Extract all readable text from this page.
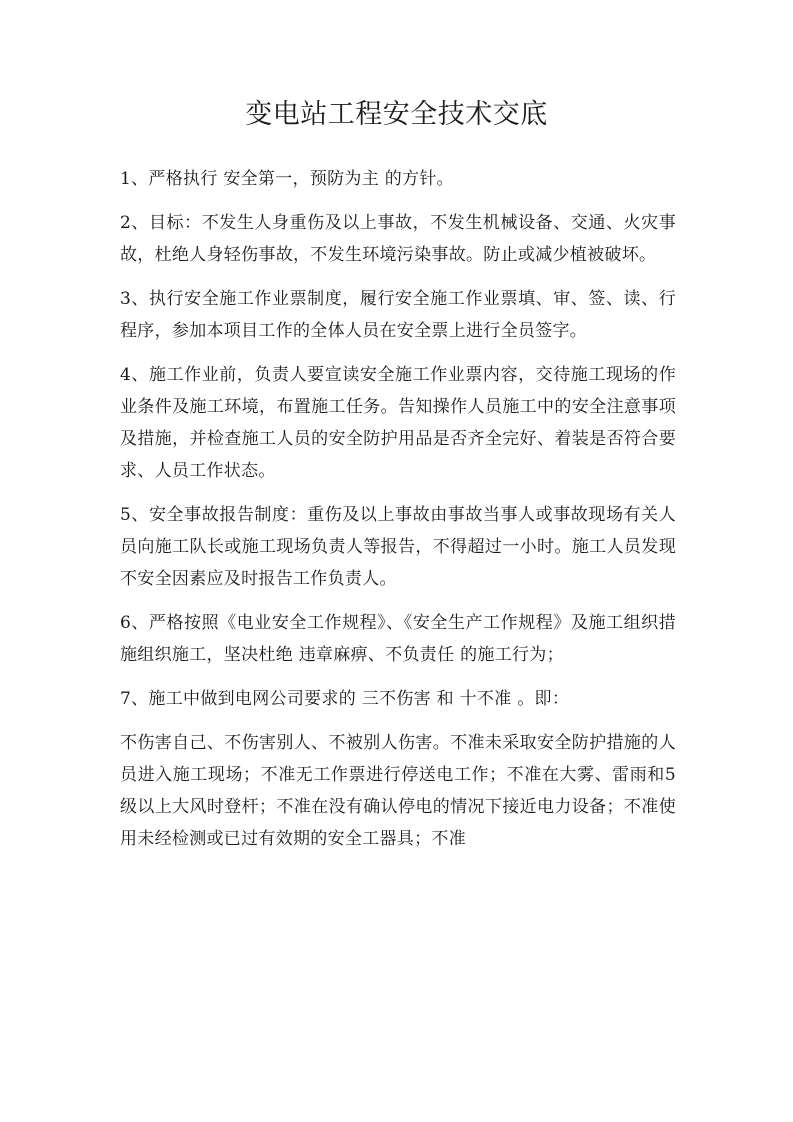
变电站工程安全技术交底

1、严格执行 安全第一，预防为主 的方针。

2、目标：不发生人身重伤及以上事故，不发生机械设备、交通、火灾事故，杜绝人身轻伤事故，不发生环境污染事故。防止或减少植被破坏。

3、执行安全施工作业票制度，履行安全施工作业票填、审、签、读、行程序，参加本项目工作的全体人员在安全票上进行全员签字。

4、施工作业前，负责人要宣读安全施工作业票内容，交待施工现场的作业条件及施工环境，布置施工任务。告知操作人员施工中的安全注意事项及措施，并检查施工人员的安全防护用品是否齐全完好、着装是否符合要求、人员工作状态。

5、安全事故报告制度：重伤及以上事故由事故当事人或事故现场有关人员向施工队长或施工现场负责人等报告，不得超过一小时。施工人员发现不安全因素应及时报告工作负责人。

6、严格按照《电业安全工作规程》、《安全生产工作规程》及施工组织措施组织施工，坚决杜绝 违章麻痹、不负责任 的施工行为；

7、施工中做到电网公司要求的 三不伤害 和 十不准 。即：

不伤害自己、不伤害别人、不被别人伤害。不准未采取安全防护措施的人员进入施工现场；不准无工作票进行停送电工作；不准在大雾、雷雨和5级以上大风时登杆；不准在没有确认停电的情况下接近电力设备；不准使用未经检测或已过有效期的安全工器具；不准
